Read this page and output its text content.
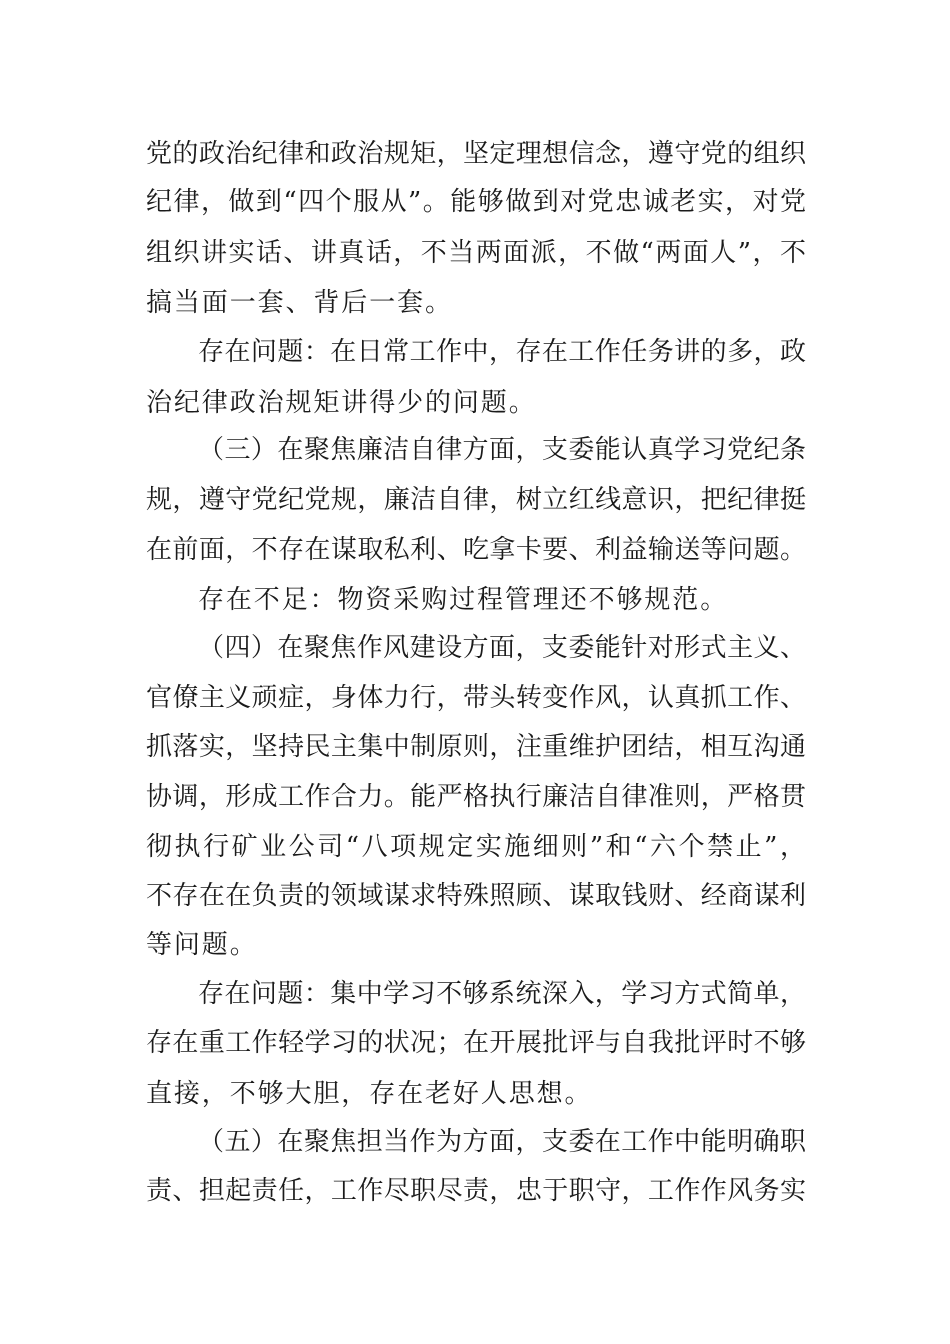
党的政治纪律和政治规矩，坚定理想信念，遵守党的组织
纪律，做到“四个服从”。能够做到对党忠诚老实，对党
组织讲实话、讲真话，不当两面派，不做“两面人”，不
搞当面一套、背后一套。
存在问题：在日常工作中，存在工作任务讲的多，政
治纪律政治规矩讲得少的问题。
（三）在聚焦廉洁自律方面，支委能认真学习党纪条
规，遵守党纪党规，廉洁自律，树立红线意识，把纪律挺
在前面，不存在谋取私利、吃拿卡要、利益输送等问题。
存在不足：物资采购过程管理还不够规范。
（四）在聚焦作风建设方面，支委能针对形式主义、
官僚主义顽症，身体力行，带头转变作风，认真抓工作、
抓落实，坚持民主集中制原则，注重维护团结，相互沟通
协调，形成工作合力。能严格执行廉洁自律准则，严格贯
彻执行矿业公司“八项规定实施细则”和“六个禁止”，
不存在在负责的领域谋求特殊照顾、谋取钱财、经商谋利
等问题。
存在问题：集中学习不够系统深入，学习方式简单，
存在重工作轻学习的状况；在开展批评与自我批评时不够
直接，不够大胆，存在老好人思想。
（五）在聚焦担当作为方面，支委在工作中能明确职
责、担起责任，工作尽职尽责，忠于职守，工作作风务实
